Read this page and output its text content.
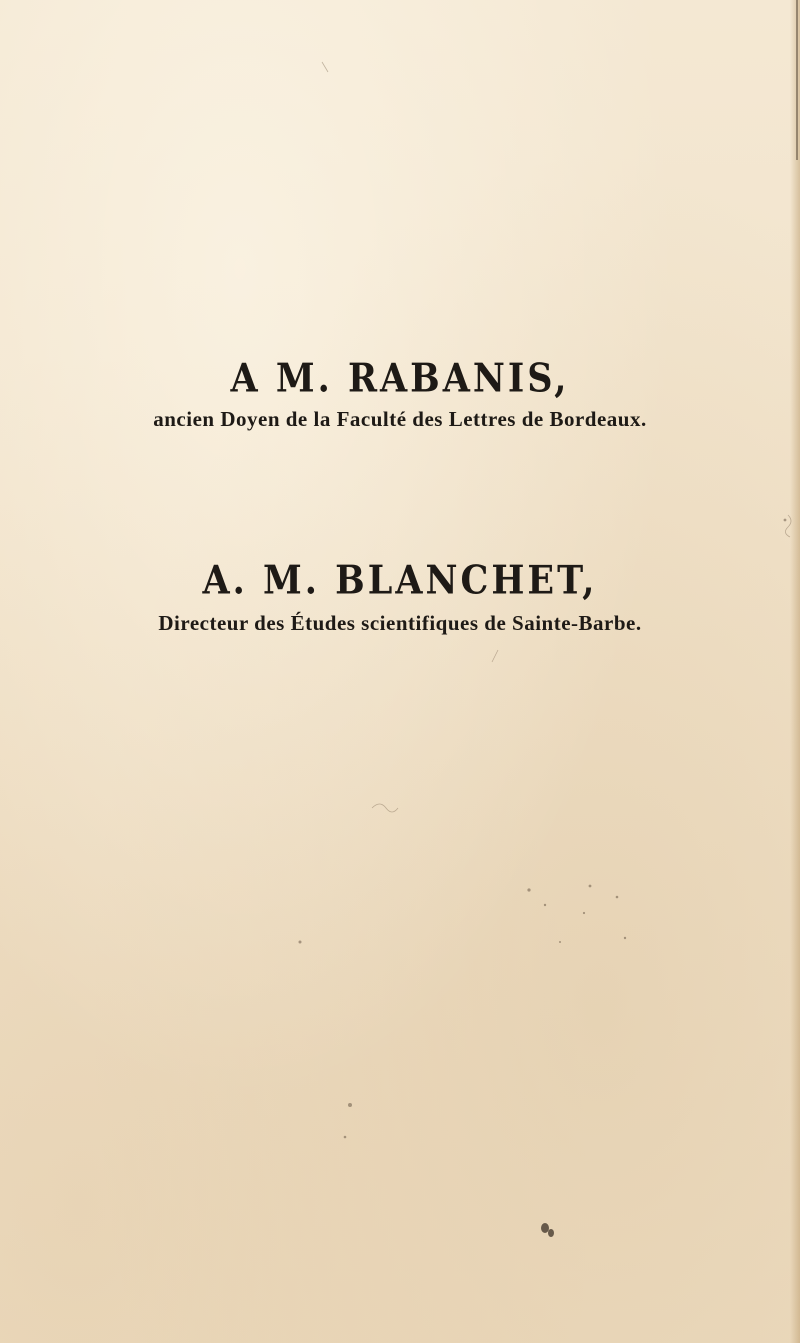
A M. RABANIS,
ancien Doyen de la Faculté des Lettres de Bordeaux.
A. M. BLANCHET,
Directeur des Études scientifiques de Sainte-Barbe.
